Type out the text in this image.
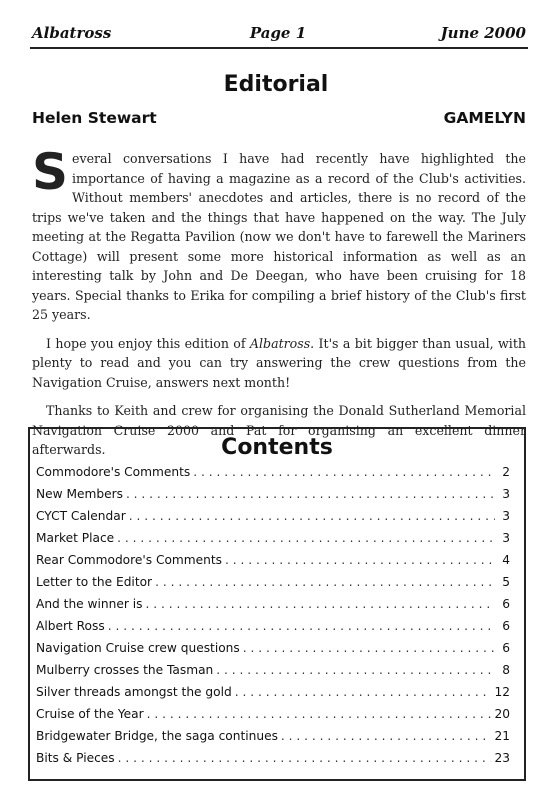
Albatross	Page 1	June 2000
Editorial
Helen Stewart	GAMELYN

Several conversations I have had recently have highlighted the importance of having a magazine as a record of the Club's activities. Without members' anecdotes and articles, there is no record of the trips we've taken and the things that have happened on the way. The July meeting at the Regatta Pavilion (now we don't have to farewell the Mariners Cottage) will present some more historical information as well as an interesting talk by John and De Deegan, who have been cruising for 18 years. Special thanks to Erika for compiling a brief history of the Club's first 25 years.

I hope you enjoy this edition of Albatross. It's a bit bigger than usual, with plenty to read and you can try answering the crew questions from the Navigation Cruise, answers next month!

Thanks to Keith and crew for organising the Donald Sutherland Memorial Navigation Cruise 2000 and Pat for organising an excellent dinner afterwards.	Contents
Commodore's Comments . . .	2
New Members . . .	3
CYCT Calendar . . .	3
Market Place . . .	3
Rear Commodore's Comments . . .	4
Letter to the Editor . . .	5
And the winner is . . .	6
Albert Ross . . .	6
Navigation Cruise crew questions . . .	6
Mulberry crosses the Tasman . . .	8
Silver threads amongst the gold . . .	12
Cruise of the Year . . .	20
Bridgewater Bridge, the saga continues . . .	21
Bits & Pieces . . .	23
